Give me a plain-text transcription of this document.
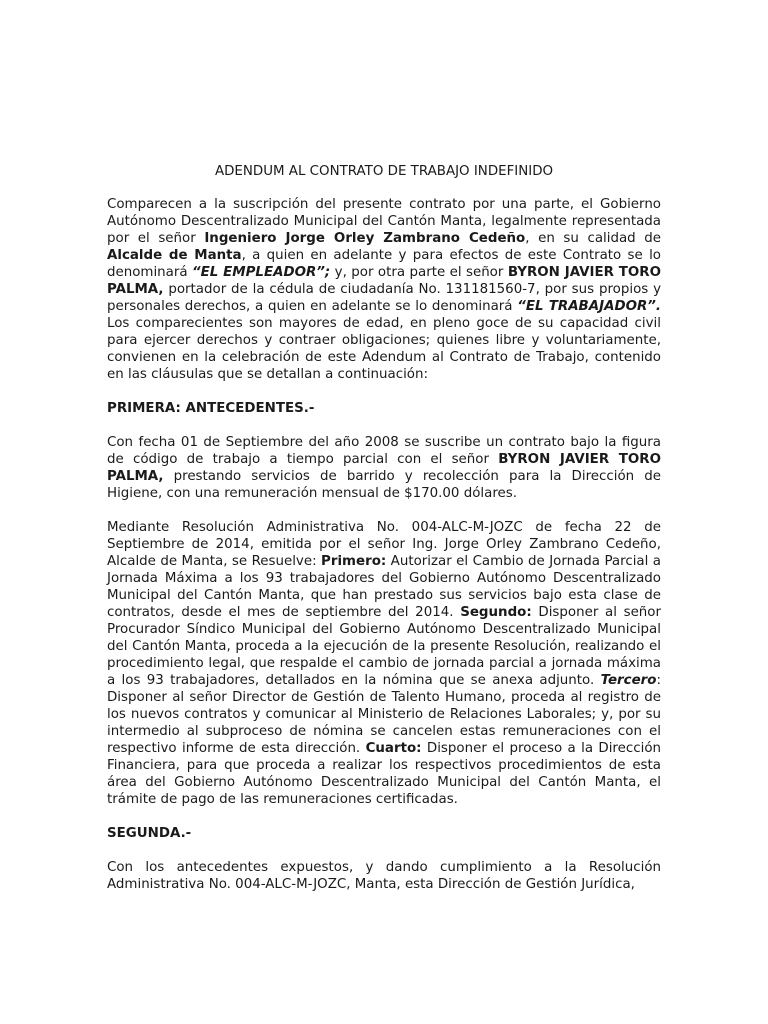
ADENDUM AL CONTRATO DE TRABAJO INDEFINIDO

Comparecen a la suscripción del presente contrato por una parte, el Gobierno Autónomo Descentralizado Municipal del Cantón Manta, legalmente representada por el señor Ingeniero Jorge Orley Zambrano Cedeño, en su calidad de Alcalde de Manta, a quien en adelante y para efectos de este Contrato se lo denominará “EL EMPLEADOR”; y, por otra parte el señor BYRON JAVIER TORO PALMA, portador de la cédula de ciudadanía No. 131181560-7, por sus propios y personales derechos, a quien en adelante se lo denominará “EL TRABAJADOR”. Los comparecientes son mayores de edad, en pleno goce de su capacidad civil para ejercer derechos y contraer obligaciones; quienes libre y voluntariamente, convienen en la celebración de este Adendum al Contrato de Trabajo, contenido en las cláusulas que se detallan a continuación:

PRIMERA: ANTECEDENTES.-

Con fecha 01 de Septiembre del año 2008 se suscribe un contrato bajo la figura de código de trabajo a tiempo parcial con el señor BYRON JAVIER TORO PALMA, prestando servicios de barrido y recolección para la Dirección de Higiene, con una remuneración mensual de $170.00 dólares.

Mediante Resolución Administrativa No. 004-ALC-M-JOZC de fecha 22 de Septiembre de 2014, emitida por el señor Ing. Jorge Orley Zambrano Cedeño, Alcalde de Manta, se Resuelve: Primero: Autorizar el Cambio de Jornada Parcial a Jornada Máxima a los 93 trabajadores del Gobierno Autónomo Descentralizado Municipal del Cantón Manta, que han prestado sus servicios bajo esta clase de contratos, desde el mes de septiembre del 2014. Segundo: Disponer al señor Procurador Síndico Municipal del Gobierno Autónomo Descentralizado Municipal del Cantón Manta, proceda a la ejecución de la presente Resolución, realizando el procedimiento legal, que respalde el cambio de jornada parcial a jornada máxima a los 93 trabajadores, detallados en la nómina que se anexa adjunto. Tercero: Disponer al señor Director de Gestión de Talento Humano, proceda al registro de los nuevos contratos y comunicar al Ministerio de Relaciones Laborales; y, por su intermedio al subproceso de nómina se cancelen estas remuneraciones con el respectivo informe de esta dirección. Cuarto: Disponer el proceso a la Dirección Financiera, para que proceda a realizar los respectivos procedimientos de esta área del Gobierno Autónomo Descentralizado Municipal del Cantón Manta, el trámite de pago de las remuneraciones certificadas.

SEGUNDA.-

Con los antecedentes expuestos, y dando cumplimiento a la Resolución Administrativa No. 004-ALC-M-JOZC, Manta, esta Dirección de Gestión Jurídica,
